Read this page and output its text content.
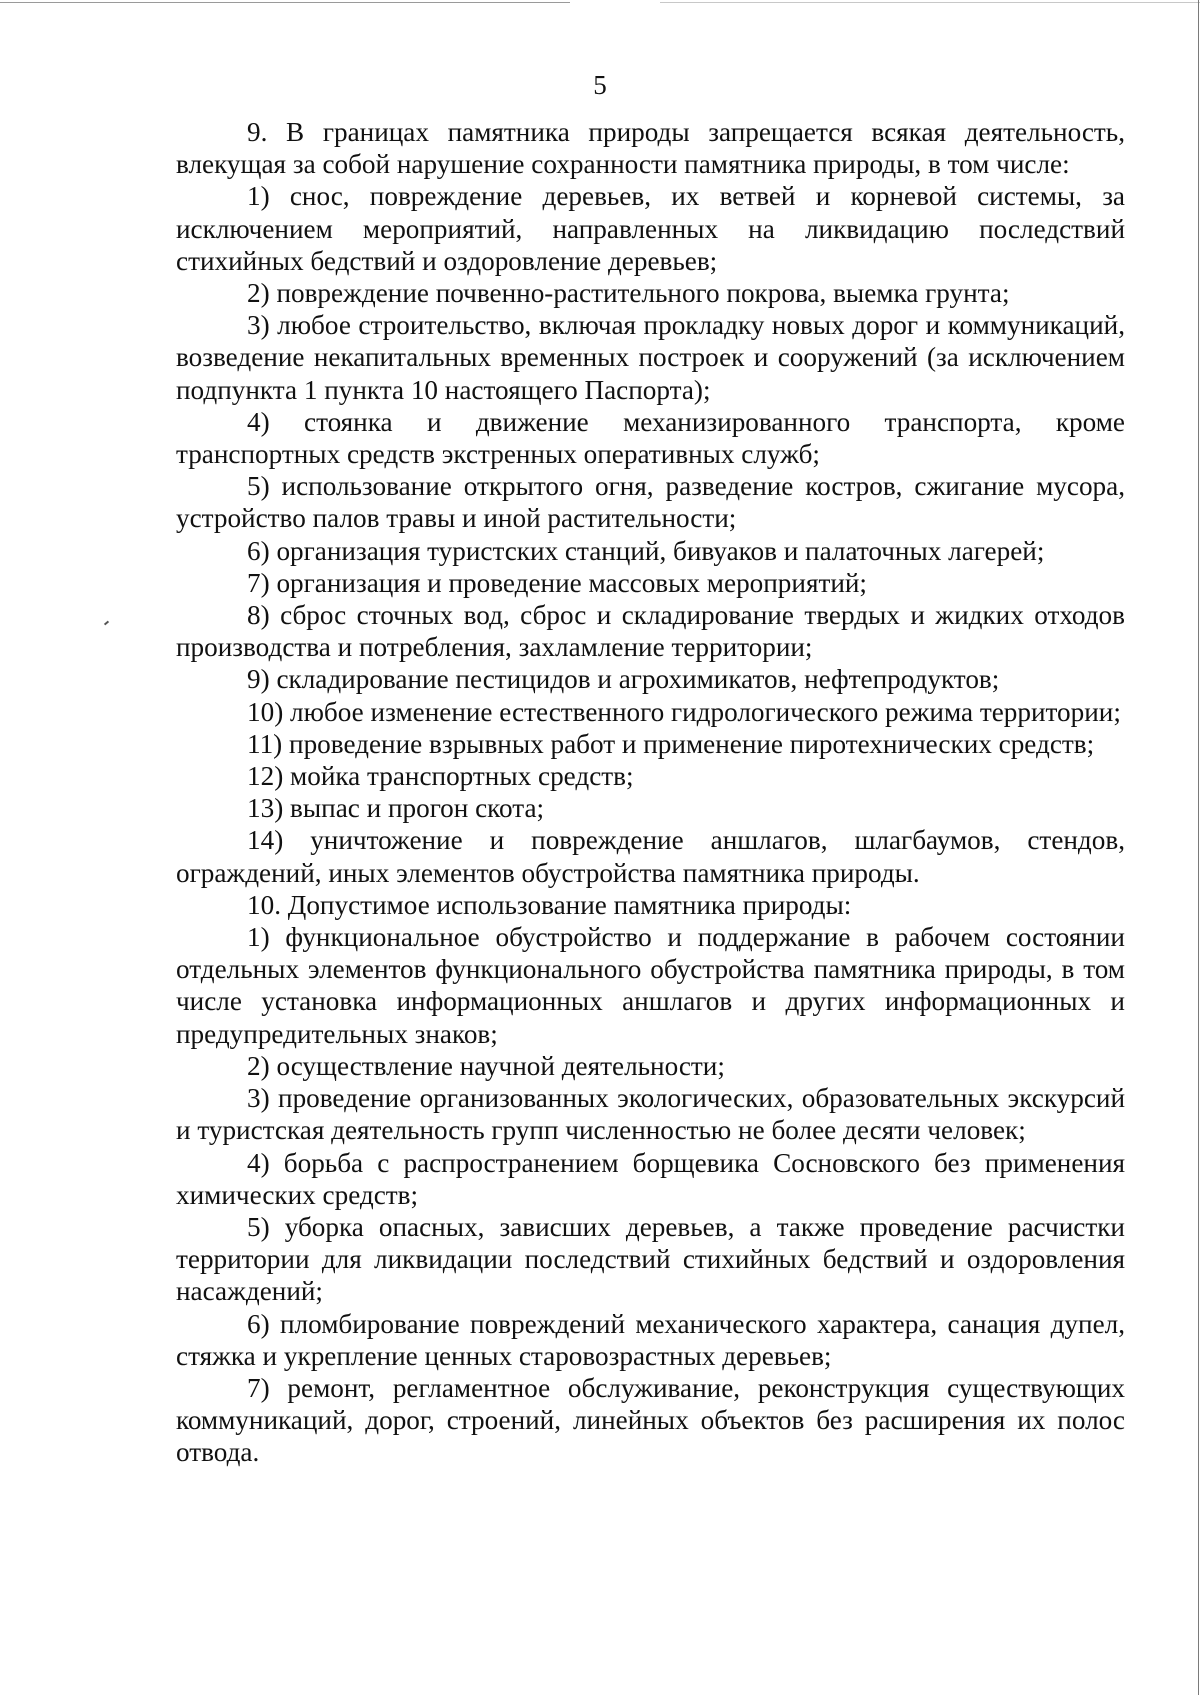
5

9. В границах памятника природы запрещается всякая деятельность, влекущая за собой нарушение сохранности памятника природы, в том числе:

1) снос, повреждение деревьев, их ветвей и корневой системы, за исключением мероприятий, направленных на ликвидацию последствий стихийных бедствий и оздоровление деревьев;

2) повреждение почвенно-растительного покрова, выемка грунта;

3) любое строительство, включая прокладку новых дорог и коммуникаций, возведение некапитальных временных построек и сооружений (за исключением подпункта 1 пункта 10 настоящего Паспорта);

4) стоянка и движение механизированного транспорта, кроме транспортных средств экстренных оперативных служб;

5) использование открытого огня, разведение костров, сжигание мусора, устройство палов травы и иной растительности;

6) организация туристских станций, бивуаков и палаточных лагерей;

7) организация и проведение массовых мероприятий;

8) сброс сточных вод, сброс и складирование твердых и жидких отходов производства и потребления, захламление территории;

9) складирование пестицидов и агрохимикатов, нефтепродуктов;

10) любое изменение естественного гидрологического режима территории;

11) проведение взрывных работ и применение пиротехнических средств;

12) мойка транспортных средств;

13) выпас и прогон скота;

14) уничтожение и повреждение аншлагов, шлагбаумов, стендов, ограждений, иных элементов обустройства памятника природы.

10. Допустимое использование памятника природы:

1) функциональное обустройство и поддержание в рабочем состоянии отдельных элементов функционального обустройства памятника природы, в том числе установка информационных аншлагов и других информационных и предупредительных знаков;

2) осуществление научной деятельности;

3) проведение организованных экологических, образовательных экскурсий и туристская деятельность групп численностью не более десяти человек;

4) борьба с распространением борщевика Сосновского без применения химических средств;

5) уборка опасных, зависших деревьев, а также проведение расчистки территории для ликвидации последствий стихийных бедствий и оздоровления насаждений;

6) пломбирование повреждений механического характера, санация дупел, стяжка и укрепление ценных старовозрастных деревьев;

7) ремонт, регламентное обслуживание, реконструкция существующих коммуникаций, дорог, строений, линейных объектов без расширения их полос отвода.
